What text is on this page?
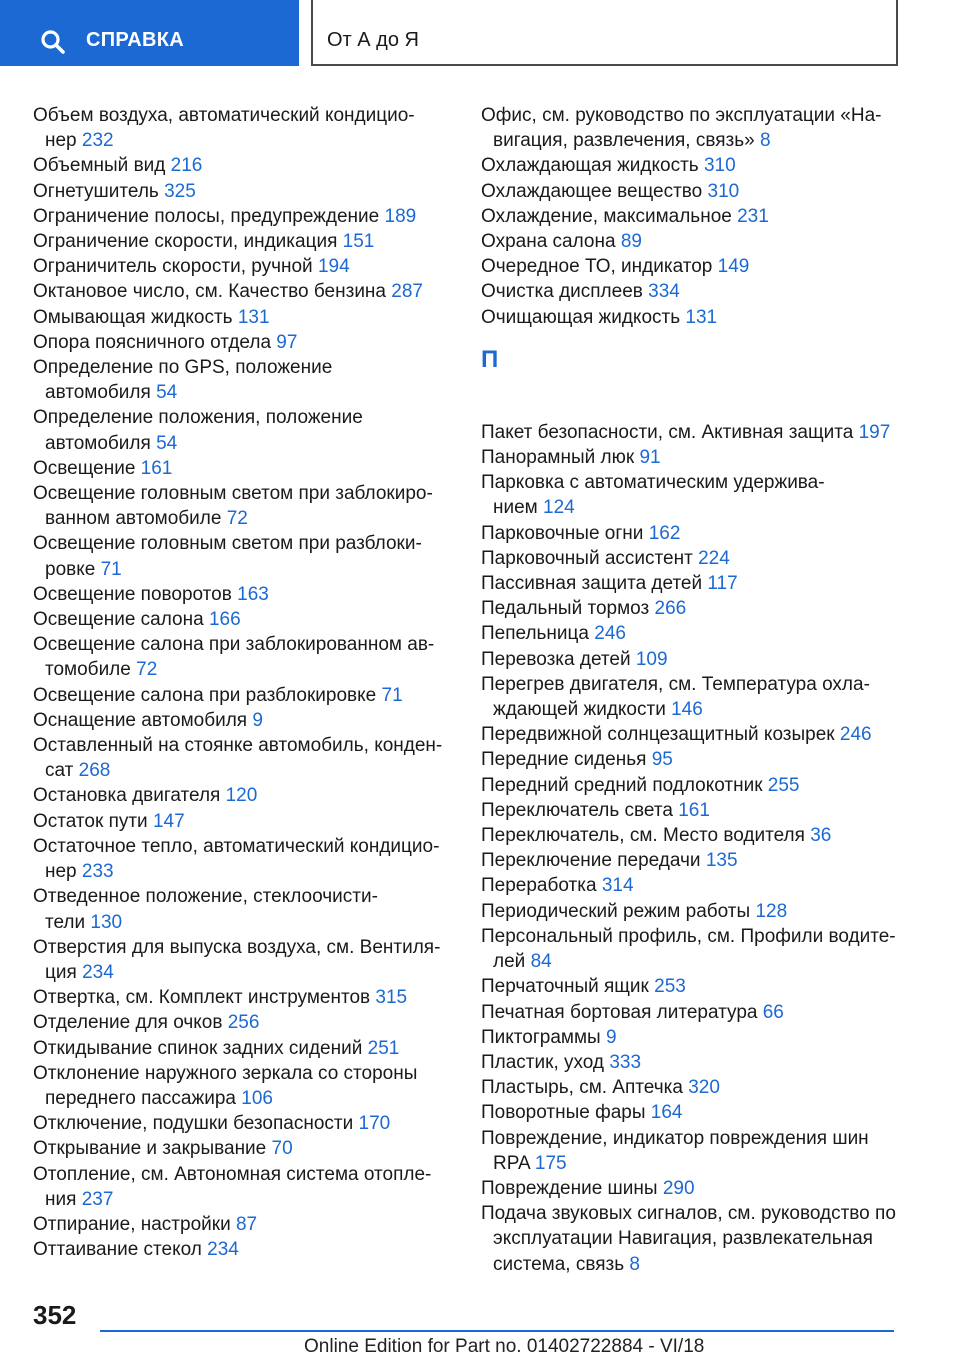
СПРАВКА	От А до Я
Объем воздуха, автоматический кондицио-
нер 232
Объемный вид 216
Огнетушитель 325
Ограничение полосы, предупреждение 189
Ограничение скорости, индикация 151
Ограничитель скорости, ручной 194
Октановое число, см. Качество бензина 287
Омывающая жидкость 131
Опора поясничного отдела 97
Определение по GPS, положение
автомобиля 54
Определение положения, положение
автомобиля 54
Освещение 161
Освещение головным светом при заблокиро-
ванном автомобиле 72
Освещение головным светом при разблоки-
ровке 71
Освещение поворотов 163
Освещение салона 166
Освещение салона при заблокированном ав-
томобиле 72
Освещение салона при разблокировке 71
Оснащение автомобиля 9
Оставленный на стоянке автомобиль, конден-
сат 268
Остановка двигателя 120
Остаток пути 147
Остаточное тепло, автоматический кондицио-
нер 233
Отведенное положение, стеклоочисти-
тели 130
Отверстия для выпуска воздуха, см. Вентиля-
ция 234
Отвертка, см. Комплект инструментов 315
Отделение для очков 256
Откидывание спинок задних сидений 251
Отклонение наружного зеркала со стороны
переднего пассажира 106
Отключение, подушки безопасности 170
Открывание и закрывание 70
Отопление, см. Автономная система отопле-
ния 237
Отпирание, настройки 87
Оттаивание стекол 234
Офис, см. руководство по эксплуатации «На-
вигация, развлечения, связь» 8
Охлаждающая жидкость 310
Охлаждающее вещество 310
Охлаждение, максимальное 231
Охрана салона 89
Очередное ТО, индикатор 149
Очистка дисплеев 334
Очищающая жидкость 131
П
Пакет безопасности, см. Активная защита 197
Панорамный люк 91
Парковка с автоматическим удержива-
нием 124
Парковочные огни 162
Парковочный ассистент 224
Пассивная защита детей 117
Педальный тормоз 266
Пепельница 246
Перевозка детей 109
Перегрев двигателя, см. Температура охла-
ждающей жидкости 146
Передвижной солнцезащитный козырек 246
Передние сиденья 95
Передний средний подлокотник 255
Переключатель света 161
Переключатель, см. Место водителя 36
Переключение передачи 135
Переработка 314
Периодический режим работы 128
Персональный профиль, см. Профили водите-
лей 84
Перчаточный ящик 253
Печатная бортовая литература 66
Пиктограммы 9
Пластик, уход 333
Пластырь, см. Аптечка 320
Поворотные фары 164
Повреждение, индикатор повреждения шин
RPA 175
Повреждение шины 290
Подача звуковых сигналов, см. руководство по
эксплуатации Навигация, развлекательная
система, связь 8
352
Online Edition for Part no. 01402722884 - VI/18
